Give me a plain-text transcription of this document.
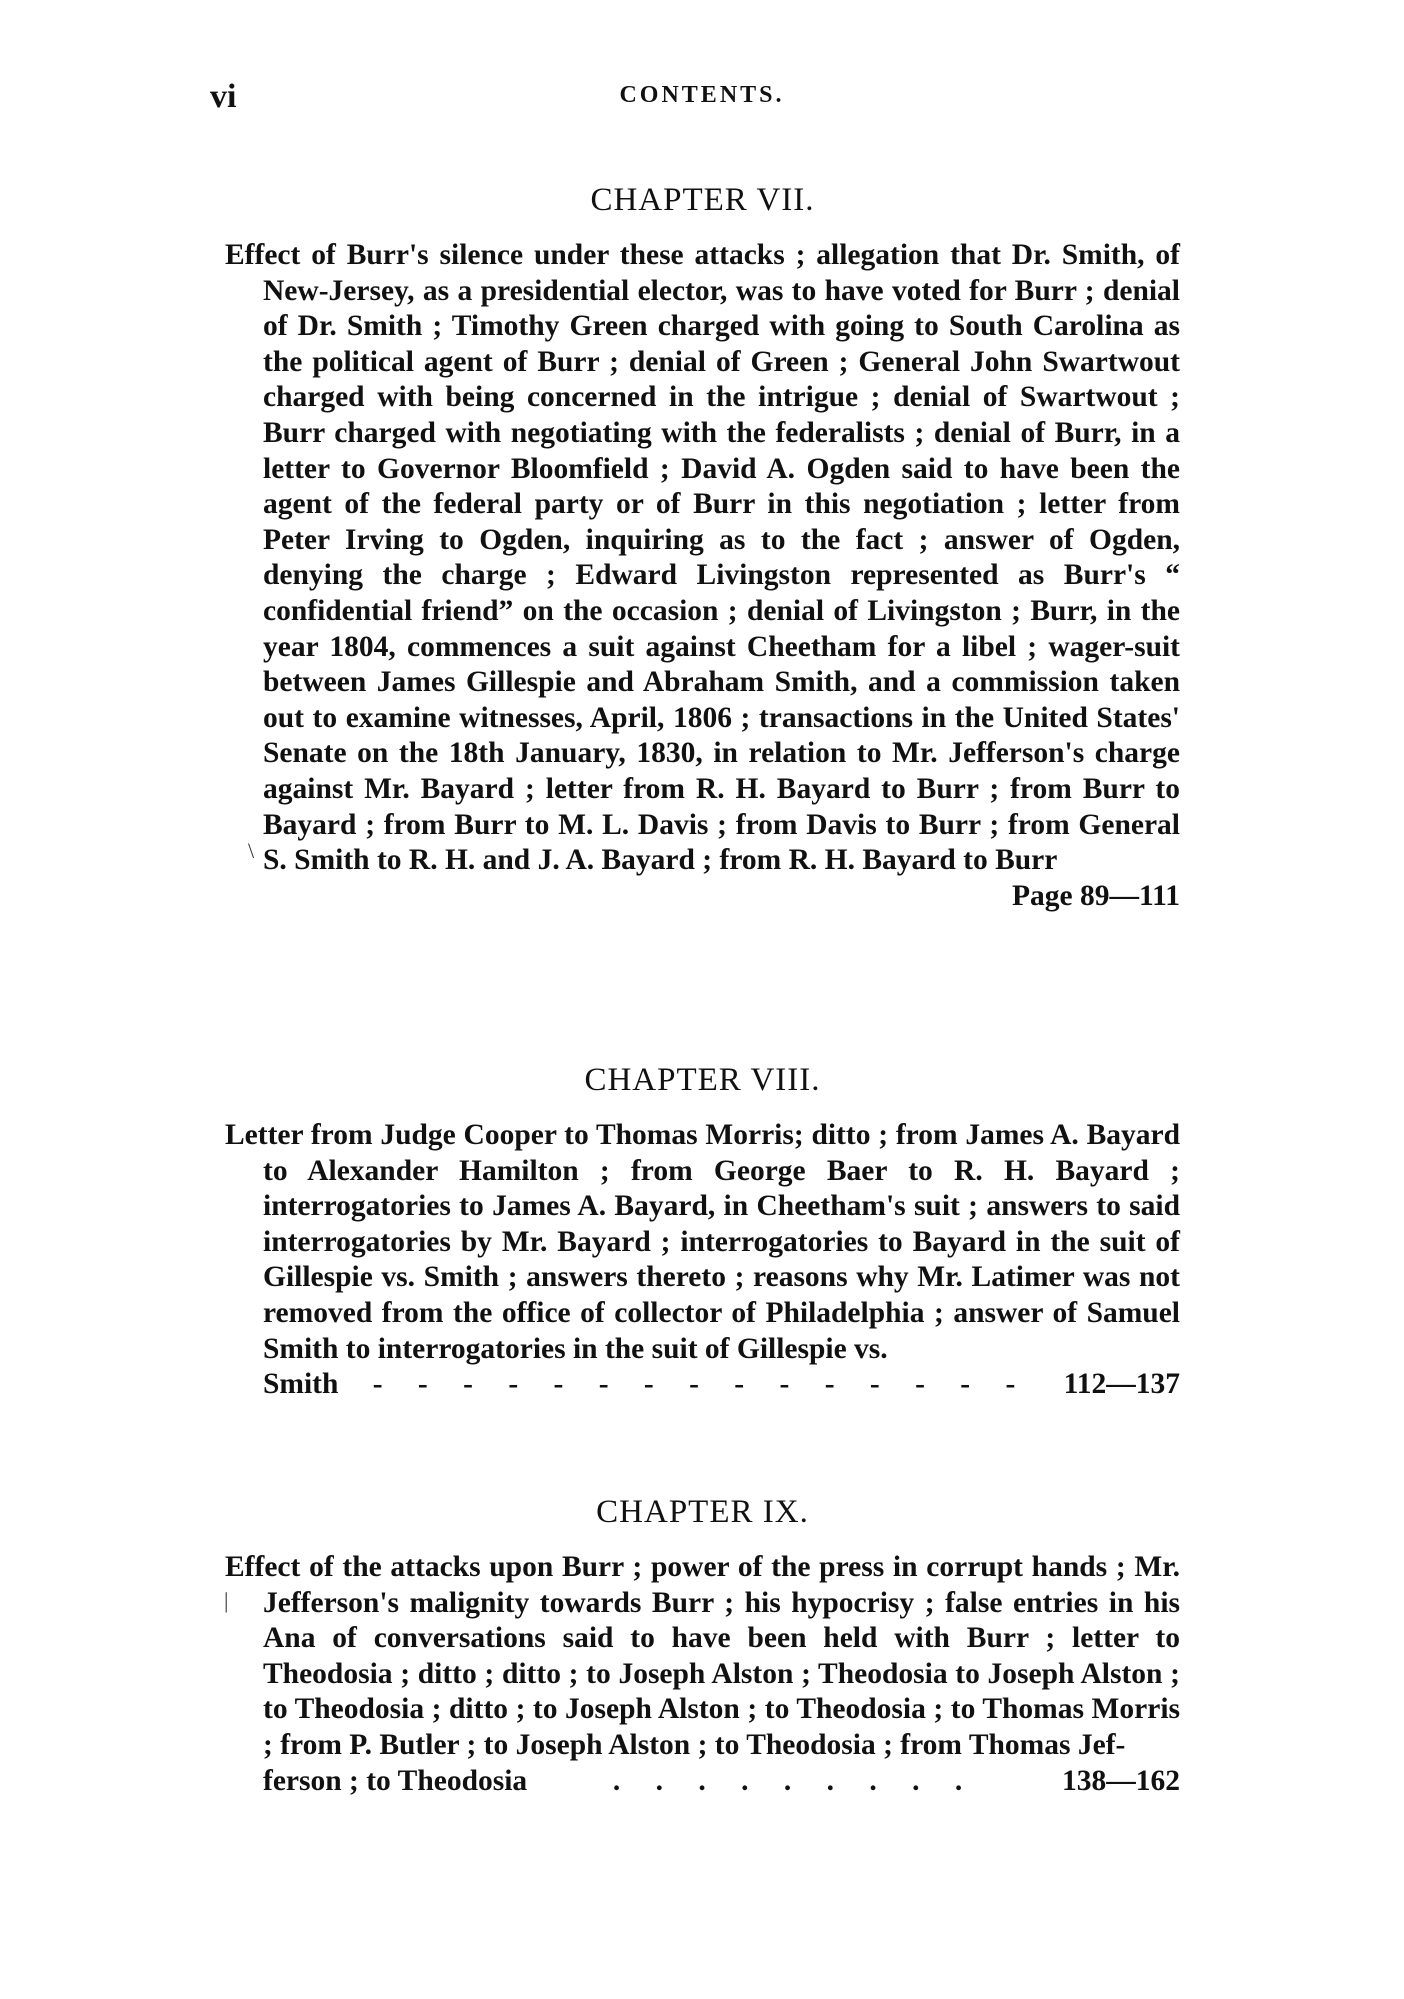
vi	CONTENTS.
CHAPTER VII.

Effect of Burr's silence under these attacks ; allegation that Dr. Smith, of New-Jersey, as a presidential elector, was to have voted for Burr ; denial of Dr. Smith ; Timothy Green charged with going to South Carolina as the political agent of Burr ; denial of Green ; General John Swartwout charged with being concerned in the intrigue ; denial of Swartwout ; Burr charged with negotiating with the federalists ; denial of Burr, in a letter to Governor Bloomfield ; David A. Ogden said to have been the agent of the federal party or of Burr in this negotiation ; letter from Peter Irving to Ogden, inquiring as to the fact ; answer of Ogden, denying the charge ; Edward Livingston represented as Burr's “ confidential friend” on the occasion ; denial of Livingston ; Burr, in the year 1804, commences a suit against Cheetham for a libel ; wager-suit between James Gillespie and Abraham Smith, and a commission taken out to examine witnesses, April, 1806 ; transactions in the United States' Senate on the 18th January, 1830, in relation to Mr. Jefferson's charge against Mr. Bayard ; letter from R. H. Bayard to Burr ; from Burr to Bayard ; from Burr to M. L. Davis ; from Davis to Burr ; from General S. Smith to R. H. and J. A. Bayard ; from R. H. Bayard to Burr

Page 89—111

CHAPTER VIII.

Letter from Judge Cooper to Thomas Morris; ditto ; from James A. Bayard to Alexander Hamilton ; from George Baer to R. H. Bayard ; interrogatories to James A. Bayard, in Cheetham's suit ; answers to said interrogatories by Mr. Bayard ; interrogatories to Bayard in the suit of Gillespie vs. Smith ; answers thereto ; reasons why Mr. Latimer was not removed from the office of collector of Philadelphia ; answer of Samuel Smith to interrogatories in the suit of Gillespie vs.

Smith	- - - - - - - - - - - - - - -	112—137
CHAPTER IX.

Effect of the attacks upon Burr ; power of the press in corrupt hands ; Mr. Jefferson's malignity towards Burr ; his hypocrisy ; false entries in his Ana of conversations said to have been held with Burr ; letter to Theodosia ; ditto ; ditto ; to Joseph Alston ; Theodosia to Joseph Alston ; to Theodosia ; ditto ; to Joseph Alston ; to Theodosia ; to Thomas Morris ; from P. Butler ; to Joseph Alston ; to Theodosia ; from Thomas Jef-

ferson ; to Theodosia	. . . . . . . . .	138—162
\
|
